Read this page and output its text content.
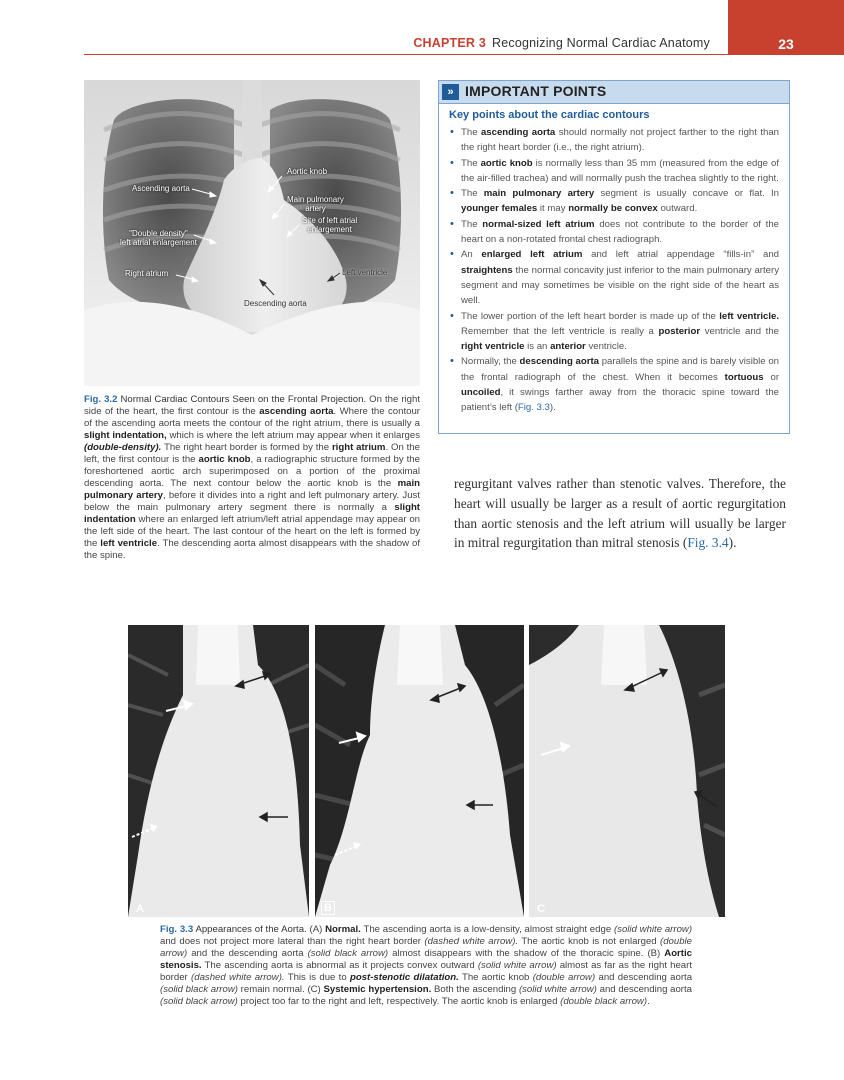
CHAPTER 3 Recognizing Normal Cardiac Anatomy	23
Aortic knob
Ascending aorta
Main pulmonary
artery
Site of left atrial
enlargement
"Double density"
left atrial enlargement
Right atrium	Left ventricle
Descending aorta
Fig. 3.2 Normal Cardiac Contours Seen on the Frontal Projection. On the right side of the heart, the first contour is the ascending aorta. Where the contour of the ascending aorta meets the contour of the right atrium, there is usually a slight indentation, which is where the left atrium may appear when it enlarges (double-density). The right heart border is formed by the right atrium. On the left, the first contour is the aortic knob, a radiographic structure formed by the foreshortened aortic arch superimposed on a portion of the proximal descending aorta. The next contour below the aortic knob is the main pulmonary artery, before it divides into a right and left pulmonary artery. Just below the main pulmonary artery segment there is normally a slight indentation where an enlarged left atrium/left atrial appendage may appear on the left side of the heart. The last contour of the heart on the left is formed by the left ventricle. The descending aorta almost disappears with the shadow of the spine.
» IMPORTANT POINTS
Key points about the cardiac contours
• The ascending aorta should normally not project farther to the right than the right heart border (i.e., the right atrium).
• The aortic knob is normally less than 35 mm (measured from the edge of the air-filled trachea) and will normally push the trachea slightly to the right.
• The main pulmonary artery segment is usually concave or flat. In younger females it may normally be convex outward.
• The normal-sized left atrium does not contribute to the border of the heart on a non-rotated frontal chest radiograph.
• An enlarged left atrium and left atrial appendage “fills-in” and straightens the normal concavity just inferior to the main pulmonary artery segment and may sometimes be visible on the right side of the heart as well.
• The lower portion of the left heart border is made up of the left ventricle. Remember that the left ventricle is really a posterior ventricle and the right ventricle is an anterior ventricle.
• Normally, the descending aorta parallels the spine and is barely visible on the frontal radiograph of the chest. When it becomes tortuous or uncoiled, it swings farther away from the thoracic spine toward the patient’s left (Fig. 3.3).
regurgitant valves rather than stenotic valves. Therefore, the heart will usually be larger as a result of aortic regurgitation than aortic stenosis and the left atrium will usually be larger in mitral regurgitation than mitral stenosis (Fig. 3.4).
A	B	C
Fig. 3.3 Appearances of the Aorta. (A) Normal. The ascending aorta is a low-density, almost straight edge (solid white arrow) and does not project more lateral than the right heart border (dashed white arrow). The aortic knob is not enlarged (double arrow) and the descending aorta (solid black arrow) almost disappears with the shadow of the thoracic spine. (B) Aortic stenosis. The ascending aorta is abnormal as it projects convex outward (solid white arrow) almost as far as the right heart border (dashed white arrow). This is due to post-stenotic dilatation. The aortic knob (double arrow) and descending aorta (solid black arrow) remain normal. (C) Systemic hypertension. Both the ascending (solid white arrow) and descending aorta (solid black arrow) project too far to the right and left, respectively. The aortic knob is enlarged (double black arrow).
